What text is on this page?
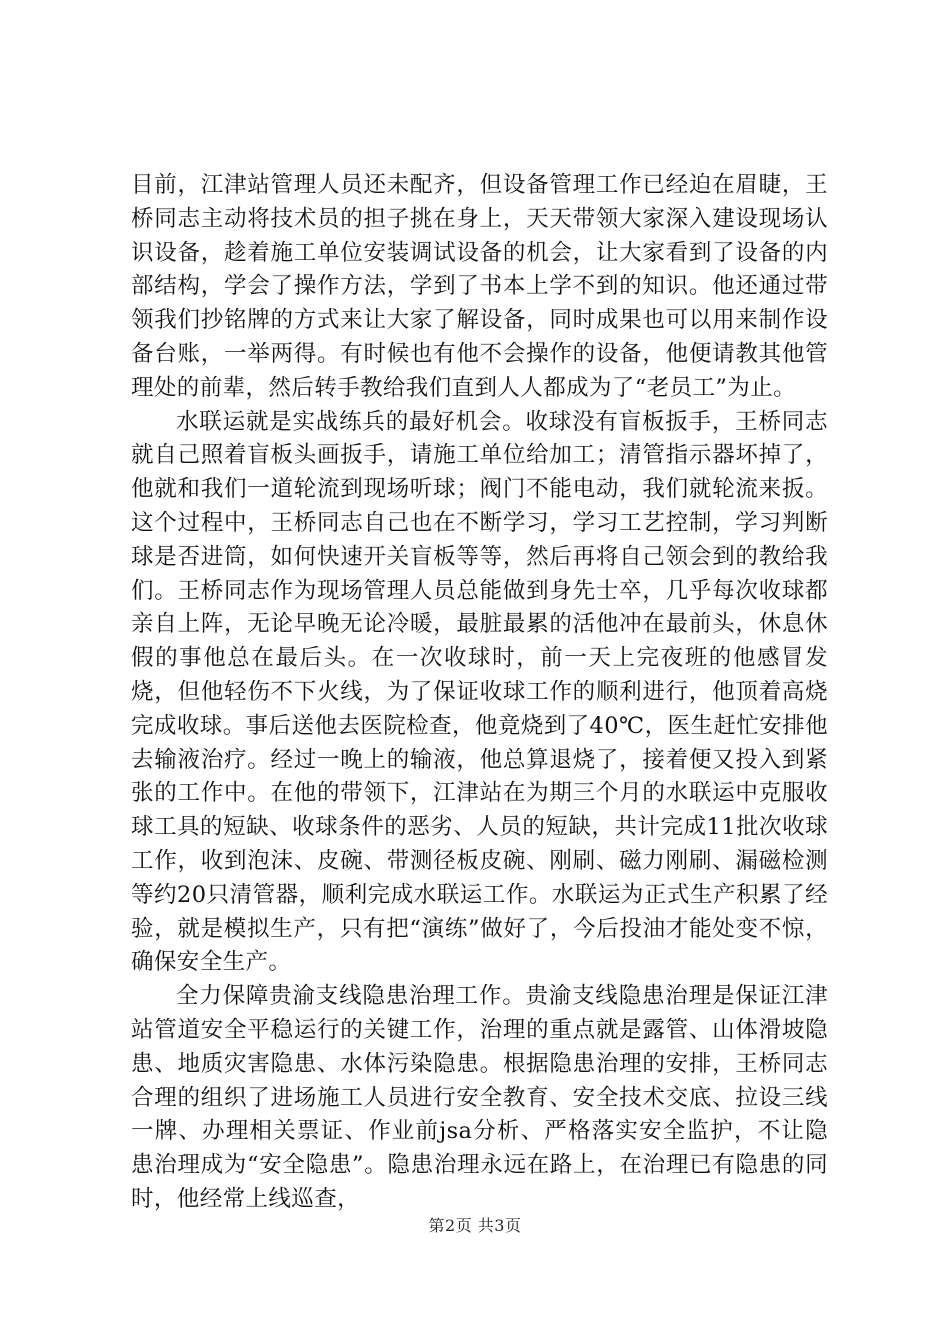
目前，江津站管理人员还未配齐，但设备管理工作已经迫在眉睫，王桥同志主动将技术员的担子挑在身上，天天带领大家深入建设现场认识设备，趁着施工单位安装调试设备的机会，让大家看到了设备的内部结构，学会了操作方法，学到了书本上学不到的知识。他还通过带领我们抄铭牌的方式来让大家了解设备，同时成果也可以用来制作设备台账，一举两得。有时候也有他不会操作的设备，他便请教其他管理处的前辈，然后转手教给我们直到人人都成为了“老员工”为止。

水联运就是实战练兵的最好机会。收球没有盲板扳手，王桥同志就自己照着盲板头画扳手，请施工单位给加工；清管指示器坏掉了，他就和我们一道轮流到现场听球；阀门不能电动，我们就轮流来扳。这个过程中，王桥同志自己也在不断学习，学习工艺控制，学习判断球是否进筒，如何快速开关盲板等等，然后再将自己领会到的教给我们。王桥同志作为现场管理人员总能做到身先士卒，几乎每次收球都亲自上阵，无论早晚无论冷暖，最脏最累的活他冲在最前头，休息休假的事他总在最后头。在一次收球时，前一天上完夜班的他感冒发烧，但他轻伤不下火线，为了保证收球工作的顺利进行，他顶着高烧完成收球。事后送他去医院检查，他竟烧到了40℃，医生赶忙安排他去输液治疗。经过一晚上的输液，他总算退烧了，接着便又投入到紧张的工作中。在他的带领下，江津站在为期三个月的水联运中克服收球工具的短缺、收球条件的恶劣、人员的短缺，共计完成11批次收球工作，收到泡沫、皮碗、带测径板皮碗、刚刷、磁力刚刷、漏磁检测等约20只清管器，顺利完成水联运工作。水联运为正式生产积累了经验，就是模拟生产，只有把“演练”做好了，今后投油才能处变不惊，确保安全生产。

全力保障贵渝支线隐患治理工作。贵渝支线隐患治理是保证江津站管道安全平稳运行的关键工作，治理的重点就是露管、山体滑坡隐患、地质灾害隐患、水体污染隐患。根据隐患治理的安排，王桥同志合理的组织了进场施工人员进行安全教育、安全技术交底、拉设三线一牌、办理相关票证、作业前jsa分析、严格落实安全监护，不让隐患治理成为“安全隐患”。隐患治理永远在路上，在治理已有隐患的同时，他经常上线巡查，

第2页 共3页
